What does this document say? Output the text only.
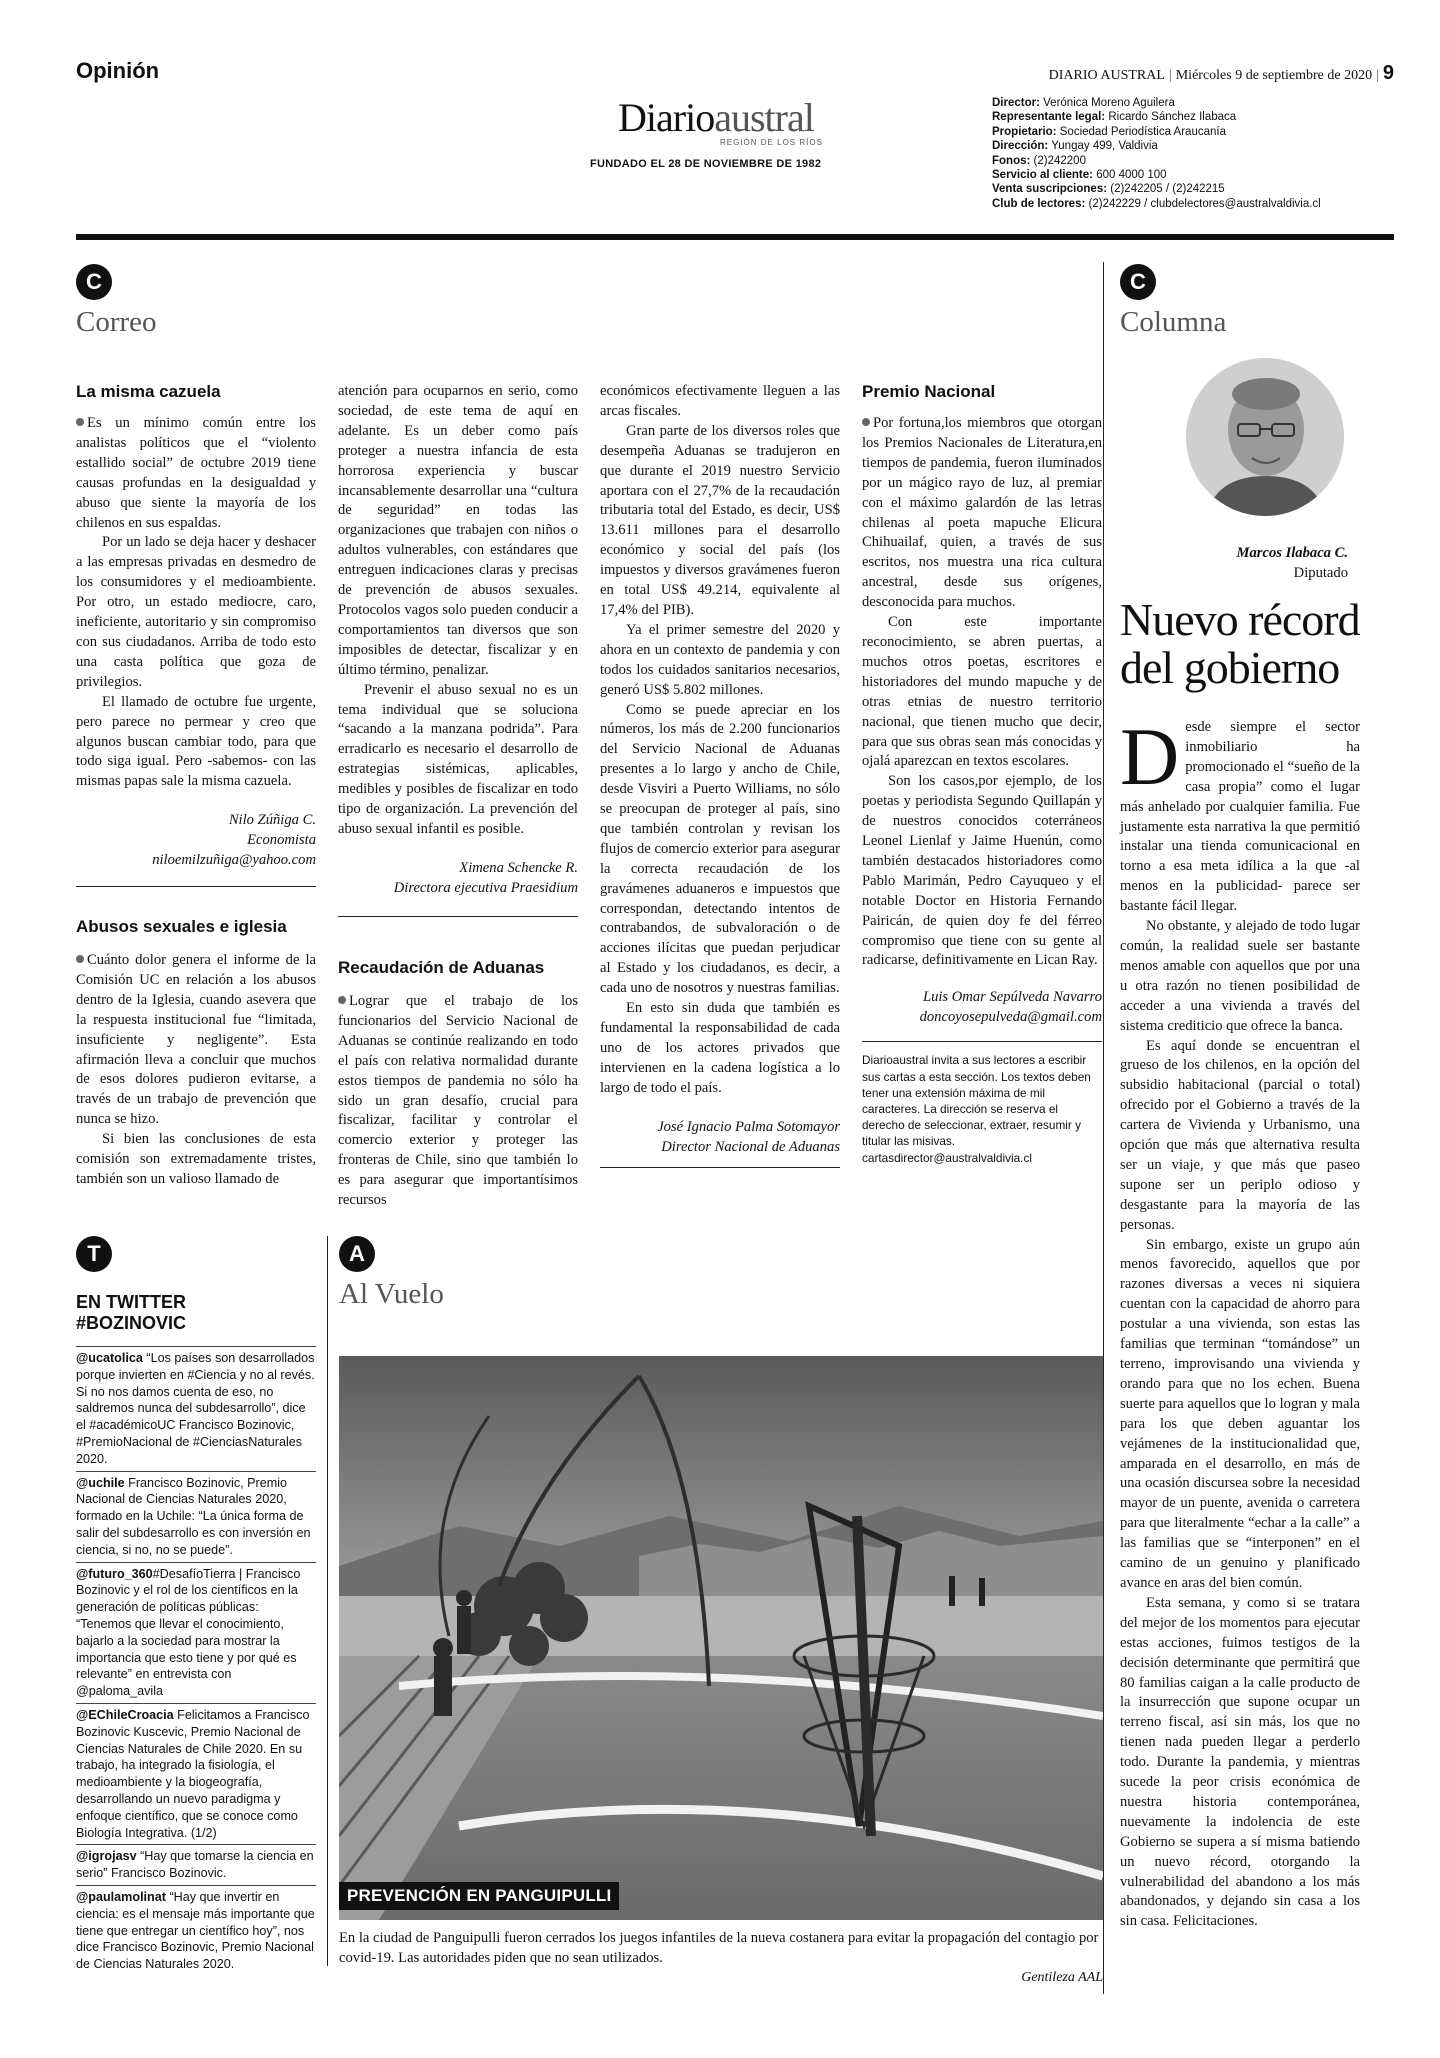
Opinión	DIARIO AUSTRAL | Miércoles 9 de septiembre de 2020 | 9
Diarioaustral
REGIÓN DE LOS RÍOS
FUNDADO EL 28 DE NOVIEMBRE DE 1982
Director: Verónica Moreno Aguilera
Representante legal: Ricardo Sánchez Ilabaca
Propietario: Sociedad Periodística Araucanía
Dirección: Yungay 499, Valdivia
Fonos: (2)242200
Servicio al cliente: 600 4000 100
Venta suscripciones: (2)242205 / (2)242215
Club de lectores: (2)242229 / clubdelectores@australvaldivia.cl
C
Correo
La misma cazuela

Es un mínimo común entre los analistas políticos que el “violento estallido social” de octubre 2019 tiene causas profundas en la desigualdad y abuso que siente la mayoría de los chilenos en sus espaldas.

Por un lado se deja hacer y deshacer a las empresas privadas en desmedro de los consumidores y el medioambiente. Por otro, un estado mediocre, caro, ineficiente, autoritario y sin compromiso con sus ciudadanos. Arriba de todo esto una casta política que goza de privilegios.

El llamado de octubre fue urgente, pero parece no permear y creo que algunos buscan cambiar todo, para que todo siga igual. Pero -sabemos- con las mismas papas sale la misma cazuela.

Nilo Zúñiga C.
Economista
niloemilzuñiga@yahoo.com
Abusos sexuales e iglesia

Cuánto dolor genera el informe de la Comisión UC en relación a los abusos dentro de la Iglesia, cuando asevera que la respuesta institucional fue “limitada, insuficiente y negligente”. Esta afirmación lleva a concluir que muchos de esos dolores pudieron evitarse, a través de un trabajo de prevención que nunca se hizo.

Si bien las conclusiones de esta comisión son extremadamente tristes, también son un valioso llamado de

atención para ocuparnos en serio, como sociedad, de este tema de aquí en adelante. Es un deber como país proteger a nuestra infancia de esta horrorosa experiencia y buscar incansablemente desarrollar una “cultura de seguridad” en todas las organizaciones que trabajen con niños o adultos vulnerables, con estándares que entreguen indicaciones claras y precisas de prevención de abusos sexuales. Protocolos vagos solo pueden conducir a comportamientos tan diversos que son imposibles de detectar, fiscalizar y en último término, penalizar.

Prevenir el abuso sexual no es un tema individual que se soluciona “sacando a la manzana podrida”. Para erradicarlo es necesario el desarrollo de estrategias sistémicas, aplicables, medibles y posibles de fiscalizar en todo tipo de organización. La prevención del abuso sexual infantil es posible.

Ximena Schencke R.
Directora ejecutiva Praesidium
Recaudación de Aduanas

Lograr que el trabajo de los funcionarios del Servicio Nacional de Aduanas se continúe realizando en todo el país con relativa normalidad durante estos tiempos de pandemia no sólo ha sido un gran desafío, crucial para fiscalizar, facilitar y controlar el comercio exterior y proteger las fronteras de Chile, sino que también lo es para asegurar que importantísimos recursos

económicos efectivamente lleguen a las arcas fiscales.

Gran parte de los diversos roles que desempeña Aduanas se tradujeron en que durante el 2019 nuestro Servicio aportara con el 27,7% de la recaudación tributaria total del Estado, es decir, US$ 13.611 millones para el desarrollo económico y social del país (los impuestos y diversos gravámenes fueron en total US$ 49.214, equivalente al 17,4% del PIB).

Ya el primer semestre del 2020 y ahora en un contexto de pandemia y con todos los cuidados sanitarios necesarios, generó US$ 5.802 millones.

Como se puede apreciar en los números, los más de 2.200 funcionarios del Servicio Nacional de Aduanas presentes a lo largo y ancho de Chile, desde Visviri a Puerto Williams, no sólo se preocupan de proteger al país, sino que también controlan y revisan los flujos de comercio exterior para asegurar la correcta recaudación de los gravámenes aduaneros e impuestos que correspondan, detectando intentos de contrabandos, de subvaloración o de acciones ilícitas que puedan perjudicar al Estado y los ciudadanos, es decir, a cada uno de nosotros y nuestras familias.

En esto sin duda que también es fundamental la responsabilidad de cada uno de los actores privados que intervienen en la cadena logística a lo largo de todo el país.

José Ignacio Palma Sotomayor
Director Nacional de Aduanas
Premio Nacional

Por fortuna,los miembros que otorgan los Premios Nacionales de Literatura,en tiempos de pandemia, fueron iluminados por un mágico rayo de luz, al premiar con el máximo galardón de las letras chilenas al poeta mapuche Elicura Chihuailaf, quien, a través de sus escritos, nos muestra una rica cultura ancestral, desde sus orígenes, desconocida para muchos.

Con este importante reconocimiento, se abren puertas, a muchos otros poetas, escritores e historiadores del mundo mapuche y de otras etnias de nuestro territorio nacional, que tienen mucho que decir, para que sus obras sean más conocidas y ojalá aparezcan en textos escolares.

Son los casos,por ejemplo, de los poetas y periodista Segundo Quillapán y de nuestros conocidos coterráneos Leonel Lienlaf y Jaime Huenún, como también destacados historiadores como Pablo Marimán, Pedro Cayuqueo y el notable Doctor en Historia Fernando Pairicán, de quien doy fe del férreo compromiso que tiene con su gente al radicarse, definitivamente en Lican Ray.

Luis Omar Sepúlveda Navarro
doncoyosepulveda@gmail.com
Diarioaustral invita a sus lectores a escribir sus cartas a esta sección. Los textos deben tener una extensión máxima de mil caracteres. La dirección se reserva el derecho de seleccionar, extraer, resumir y titular las misivas. cartasdirector@australvaldivia.cl
C
Columna
Marcos Ilabaca C.
Diputado
Nuevo récord del gobierno

Desde siempre el sector inmobiliario ha promocionado el “sueño de la casa propia” como el lugar más anhelado por cualquier familia. Fue justamente esta narrativa la que permitió instalar una tienda comunicacional en torno a esa meta idílica a la que -al menos en la publicidad- parece ser bastante fácil llegar.

No obstante, y alejado de todo lugar común, la realidad suele ser bastante menos amable con aquellos que por una u otra razón no tienen posibilidad de acceder a una vivienda a través del sistema crediticio que ofrece la banca.

Es aquí donde se encuentran el grueso de los chilenos, en la opción del subsidio habitacional (parcial o total) ofrecido por el Gobierno a través de la cartera de Vivienda y Urbanismo, una opción que más que alternativa resulta ser un viaje, y que más que paseo supone ser un periplo odioso y desgastante para la mayoría de las personas.

Sin embargo, existe un grupo aún menos favorecido, aquellos que por razones diversas a veces ni siquiera cuentan con la capacidad de ahorro para postular a una vivienda, son estas las familias que terminan “tomándose” un terreno, improvisando una vivienda y orando para que no los echen. Buena suerte para aquellos que lo logran y mala para los que deben aguantar los vejámenes de la institucionalidad que, amparada en el desarrollo, en más de una ocasión discursea sobre la necesidad mayor de un puente, avenida o carretera para que literalmente “echar a la calle” a las familias que se “interponen” en el camino de un genuino y planificado avance en aras del bien común.

Esta semana, y como si se tratara del mejor de los momentos para ejecutar estas acciones, fuimos testigos de la decisión determinante que permitirá que 80 familias caigan a la calle producto de la insurrección que supone ocupar un terreno fiscal, así sin más, los que no tienen nada pueden llegar a perderlo todo. Durante la pandemia, y mientras sucede la peor crisis económica de nuestra historia contemporánea, nuevamente la indolencia de este Gobierno se supera a sí misma batiendo un nuevo récord, otorgando la vulnerabilidad del abandono a los más abandonados, y dejando sin casa a los sin casa. Felicitaciones.

T
EN TWITTER
#BOZINOVIC
@ucatolica “Los países son desarrollados porque invierten en #Ciencia y no al revés. Si no nos damos cuenta de eso, no saldremos nunca del subdesarrollo”, dice el #académicoUC Francisco Bozinovic, #PremioNacional de #CienciasNaturales 2020.
@uchile Francisco Bozinovic, Premio Nacional de Ciencias Naturales 2020, formado en la Uchile: “La única forma de salir del subdesarrollo es con inversión en ciencia, si no, no se puede”.
@futuro_360#DesafíoTierra | Francisco Bozinovic y el rol de los científicos en la generación de políticas públicas: “Tenemos que llevar el conocimiento, bajarlo a la sociedad para mostrar la importancia que esto tiene y por qué es relevante” en entrevista con @paloma_avila
@EChileCroacia Felicitamos a Francisco Bozinovic Kuscevic, Premio Nacional de Ciencias Naturales de Chile 2020. En su trabajo, ha integrado la fisiología, el medioambiente y la biogeografía, desarrollando un nuevo paradigma y enfoque científico, que se conoce como Biología Integrativa. (1/2)
@igrojasv “Hay que tomarse la ciencia en serio” Francisco Bozinovic.
@paulamolinat “Hay que invertir en ciencia: es el mensaje más importante que tiene que entregar un científico hoy”, nos dice Francisco Bozinovic, Premio Nacional de Ciencias Naturales 2020.
A
Al Vuelo
PREVENCIÓN EN PANGUIPULLI
En la ciudad de Panguipulli fueron cerrados los juegos infantiles de la nueva costanera para evitar la propagación del contagio por covid-19. Las autoridades piden que no sean utilizados.
Gentileza AAL
